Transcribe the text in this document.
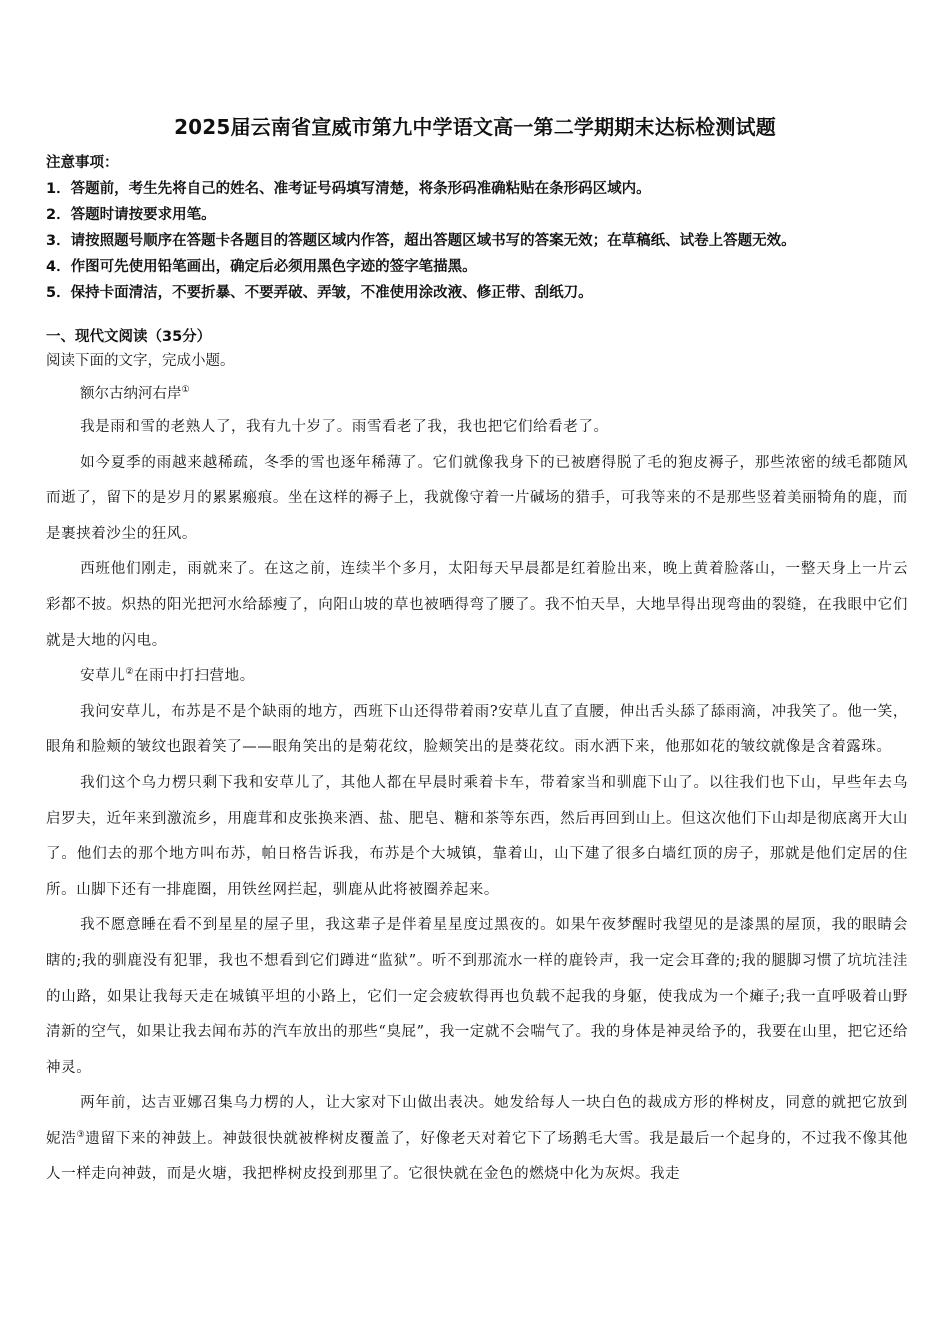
2025届云南省宣威市第九中学语文高一第二学期期末达标检测试题
注意事项：
1．答题前，考生先将自己的姓名、准考证号码填写清楚，将条形码准确粘贴在条形码区域内。
2．答题时请按要求用笔。
3．请按照题号顺序在答题卡各题目的答题区域内作答，超出答题区域书写的答案无效；在草稿纸、试卷上答题无效。
4．作图可先使用铅笔画出，确定后必须用黑色字迹的签字笔描黑。
5．保持卡面清洁，不要折暴、不要弄破、弄皱，不准使用涂改液、修正带、刮纸刀。
一、现代文阅读（35分）
阅读下面的文字，完成小题。
额尔古纳河右岸①

我是雨和雪的老熟人了，我有九十岁了。雨雪看老了我，我也把它们给看老了。

如今夏季的雨越来越稀疏，冬季的雪也逐年稀薄了。它们就像我身下的已被磨得脱了毛的狍皮褥子，那些浓密的绒毛都随风而逝了，留下的是岁月的累累瘢痕。坐在这样的褥子上，我就像守着一片碱场的猎手，可我等来的不是那些竖着美丽犄角的鹿，而是裹挟着沙尘的狂风。

西班他们刚走，雨就来了。在这之前，连续半个多月，太阳每天早晨都是红着脸出来，晚上黄着脸落山，一整天身上一片云彩都不披。炽热的阳光把河水给舔瘦了，向阳山坡的草也被晒得弯了腰了。我不怕天旱，大地旱得出现弯曲的裂缝，在我眼中它们就是大地的闪电。

安草儿②在雨中打扫营地。

我问安草儿，布苏是不是个缺雨的地方，西班下山还得带着雨?安草儿直了直腰，伸出舌头舔了舔雨滴，冲我笑了。他一笑，眼角和脸颊的皱纹也跟着笑了——眼角笑出的是菊花纹，脸颊笑出的是葵花纹。雨水洒下来，他那如花的皱纹就像是含着露珠。

我们这个乌力楞只剩下我和安草儿了，其他人都在早晨时乘着卡车，带着家当和驯鹿下山了。以往我们也下山，早些年去乌启罗夫，近年来到激流乡，用鹿茸和皮张换来酒、盐、肥皂、糖和茶等东西，然后再回到山上。但这次他们下山却是彻底离开大山了。他们去的那个地方叫布苏，帕日格告诉我，布苏是个大城镇，靠着山，山下建了很多白墙红顶的房子，那就是他们定居的住所。山脚下还有一排鹿圈，用铁丝网拦起，驯鹿从此将被圈养起来。

我不愿意睡在看不到星星的屋子里，我这辈子是伴着星星度过黑夜的。如果午夜梦醒时我望见的是漆黑的屋顶，我的眼睛会瞎的;我的驯鹿没有犯罪，我也不想看到它们蹲进“监狱”。听不到那流水一样的鹿铃声，我一定会耳聋的;我的腿脚习惯了坑坑洼洼的山路，如果让我每天走在城镇平坦的小路上，它们一定会疲软得再也负载不起我的身躯，使我成为一个瘫子;我一直呼吸着山野清新的空气，如果让我去闻布苏的汽车放出的那些“臭屁”，我一定就不会喘气了。我的身体是神灵给予的，我要在山里，把它还给神灵。

两年前，达吉亚娜召集乌力楞的人，让大家对下山做出表决。她发给每人一块白色的裁成方形的桦树皮，同意的就把它放到妮浩③遗留下来的神鼓上。神鼓很快就被桦树皮覆盖了，好像老天对着它下了场鹅毛大雪。我是最后一个起身的，不过我不像其他人一样走向神鼓，而是火塘，我把桦树皮投到那里了。它很快就在金色的燃烧中化为灰烬。我走
